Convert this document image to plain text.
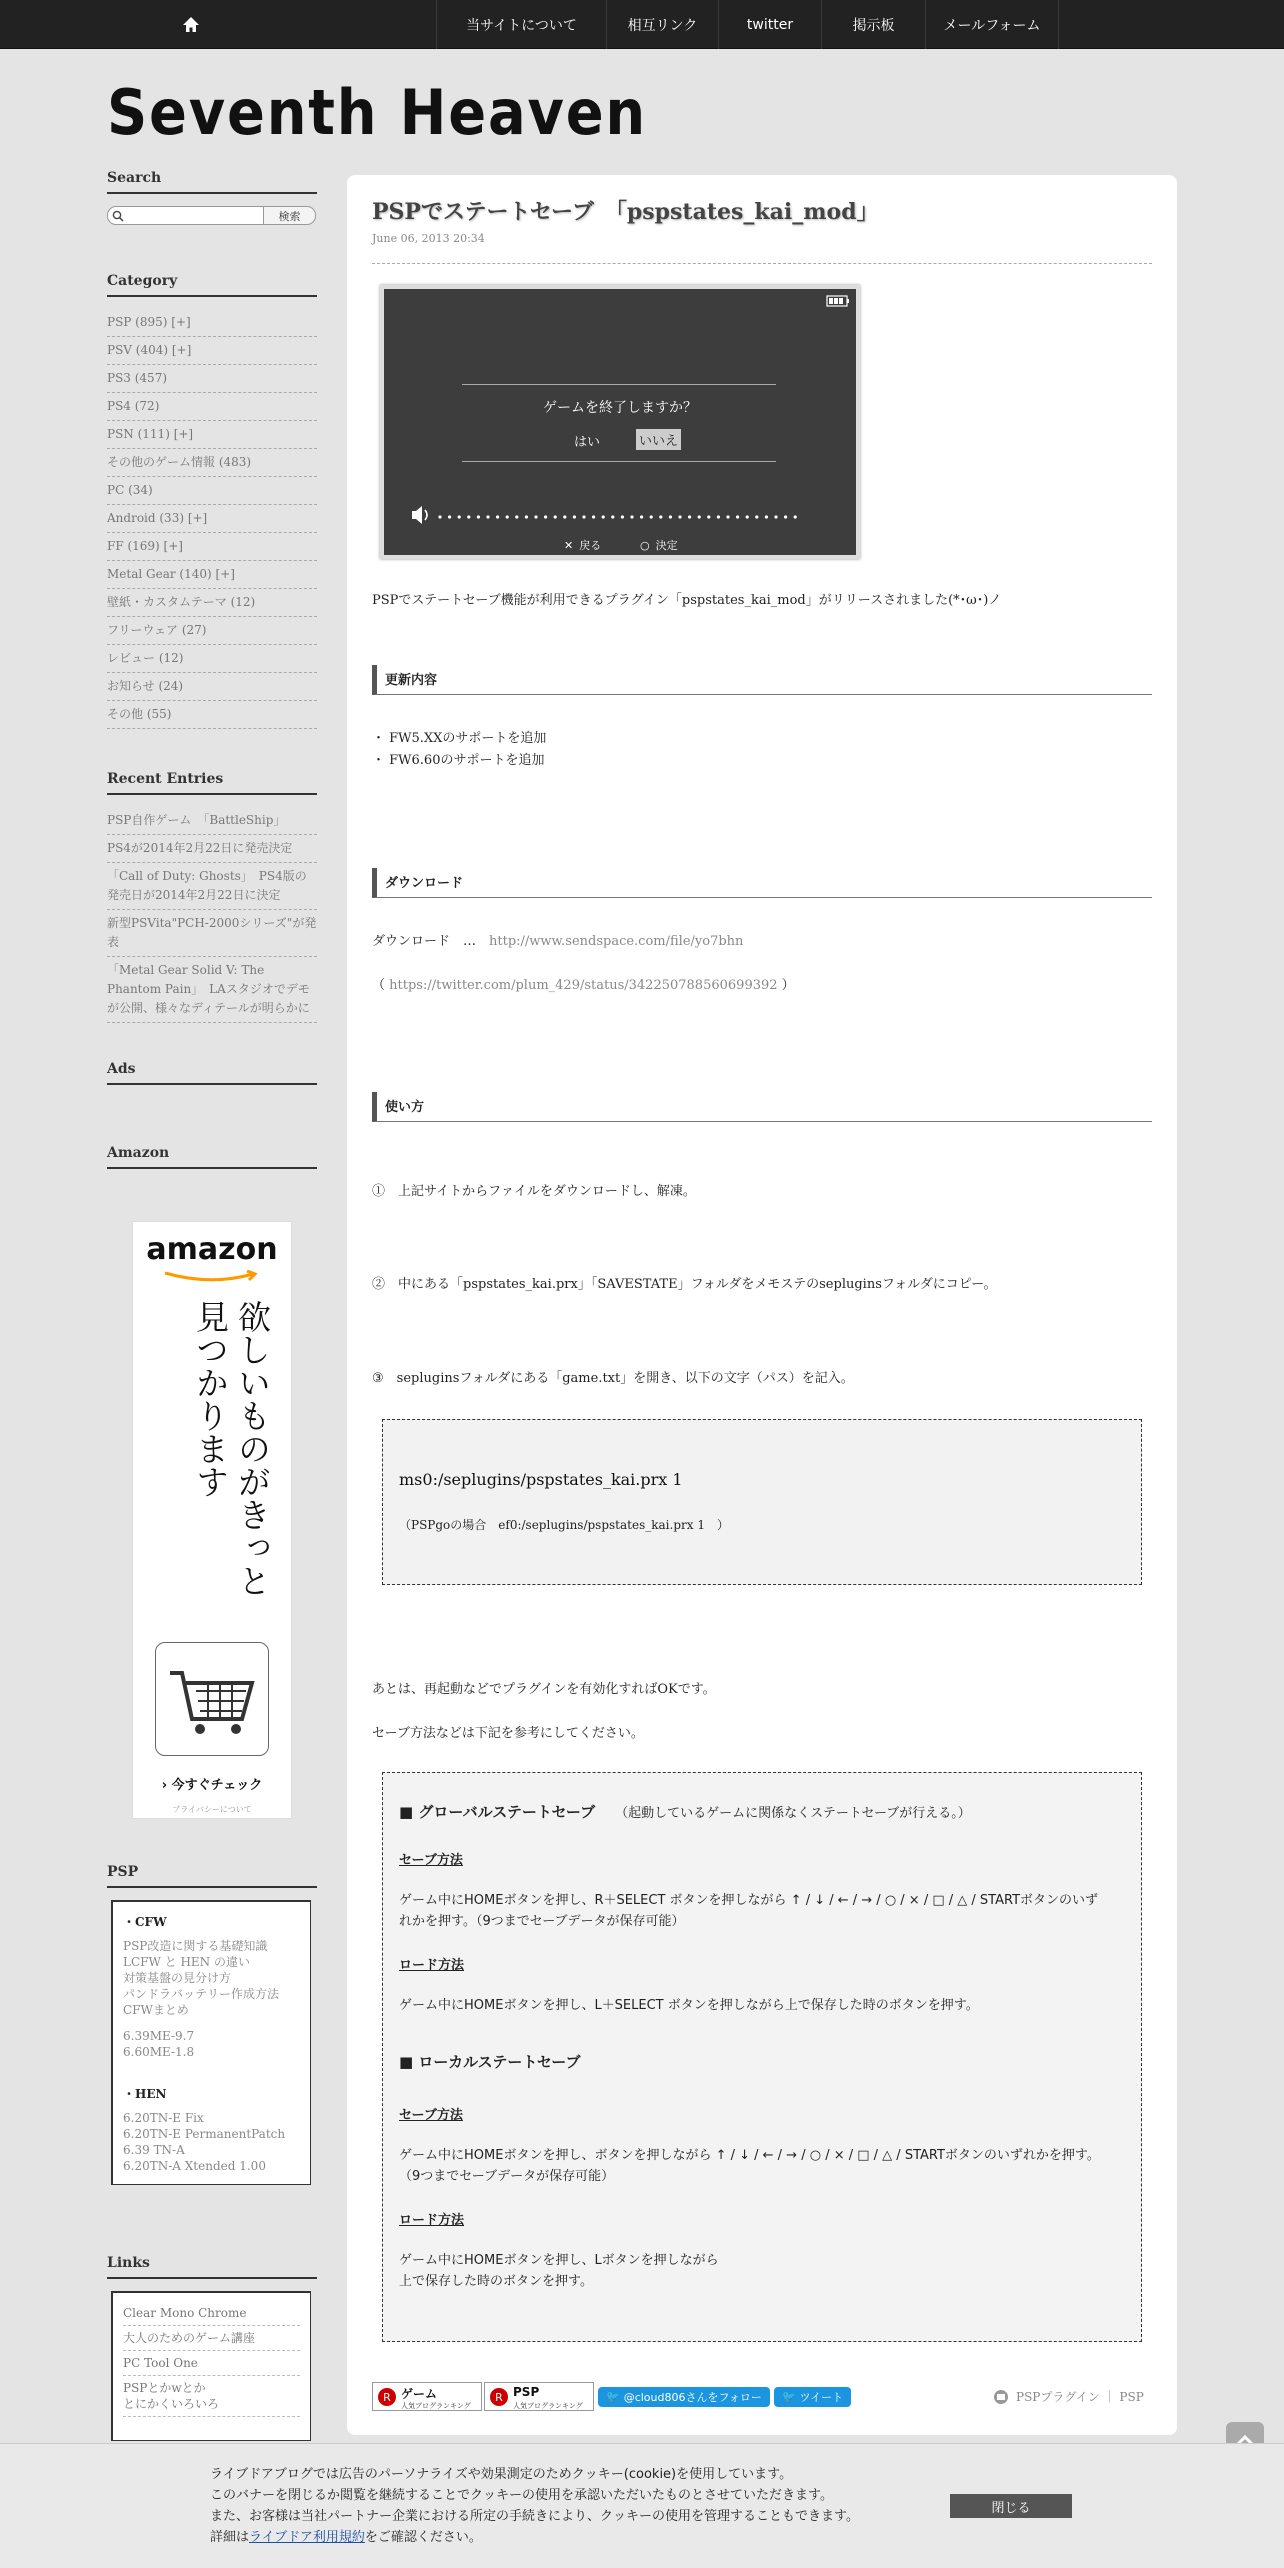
当サイトについて	相互リンク	twitter	掲示板	メールフォーム
Seventh Heaven
Search
検索
Category
PSP (895) [+]
PSV (404) [+]
PS3 (457)
PS4 (72)
PSN (111) [+]
その他のゲーム情報 (483)
PC (34)
Android (33) [+]
FF (169) [+]
Metal Gear (140) [+]
壁紙・カスタムテーマ (12)
フリーウェア (27)
レビュー (12)
お知らせ (24)
その他 (55)
Recent Entries
PSP自作ゲーム　「BattleShip」
PS4が2014年2月22日に発売決定
「Call of Duty: Ghosts」　PS4版の発売日が2014年2月22日に決定
新型PSVita"PCH-2000シリーズ"が発表
「Metal Gear Solid V: The Phantom Pain」　LAスタジオでデモが公開、様々なディテールが明らかに
Ads
Amazon
amazon
欲しいものがきっと見つかります
› 今すぐチェック
プライバシーについて
PSP
・CFW
PSP改造に関する基礎知識
LCFW と HEN の違い
対策基盤の見分け方
パンドラバッテリー作成方法
CFWまとめ
6.39ME-9.7
6.60ME-1.8
・HEN
6.20TN-E Fix
6.20TN-E PermanentPatch
6.39 TN-A
6.20TN-A Xtended 1.00
Links
Clear Mono Chrome
大人のためのゲーム講座
PC Tool One
PSPとかwとか
とにかくいろいろ
PSPでステートセーブ　「pspstates_kai_mod」
June 06, 2013 20:34
ゲームを終了しますか？
はい	いいえ
✕ 戻る	○ 決定
PSPでステートセーブ機能が利用できるプラグイン「pspstates_kai_mod」がリリースされました(*･ω･)ノ
更新内容
・ FW5.XXのサポートを追加
・ FW6.60のサポートを追加
ダウンロード
ダウンロード　…　http://www.sendspace.com/file/yo7bhn
（ https://twitter.com/plum_429/status/342250788560699392 ）
使い方
①　上記サイトからファイルをダウンロードし、解凍。
②　中にある「pspstates_kai.prx」「SAVESTATE」フォルダをメモステのsepluginsフォルダにコピー。
③　sepluginsフォルダにある「game.txt」を開き、以下の文字（パス）を記入。
ms0:/seplugins/pspstates_kai.prx 1
（PSPgoの場合　ef0:/seplugins/pspstates_kai.prx 1　）
あとは、再起動などでプラグインを有効化すればOKです。
セーブ方法などは下記を参考にしてください。
■ グローバルステートセーブ （起動しているゲームに関係なくステートセーブが行える。）
セーブ方法
ゲーム中にHOMEボタンを押し、R＋SELECT ボタンを押しながら ↑ / ↓ / ← / → / ○ / × / □ / △ / STARTボタンのいず
れかを押す。（9つまでセーブデータが保存可能）
ロード方法
ゲーム中にHOMEボタンを押し、L＋SELECT ボタンを押しながら上で保存した時のボタンを押す。
■ ローカルステートセーブ
セーブ方法
ゲーム中にHOMEボタンを押し、ボタンを押しながら ↑ / ↓ / ← / → / ○ / × / □ / △ / STARTボタンのいずれかを押す。
（9つまでセーブデータが保存可能）
ロード方法
ゲーム中にHOMEボタンを押し、Lボタンを押しながら
上で保存した時のボタンを押す。
R ゲーム
人気ブログランキング
R PSP
人気ブログランキング
🐦 @cloud806さんをフォロー 🐦 ツイート	PSPプラグイン ｜ PSP
ライブドアブログでは広告のパーソナライズや効果測定のためクッキー(cookie)を使用しています。
このバナーを閉じるか閲覧を継続することでクッキーの使用を承認いただいたものとさせていただきます。
また、お客様は当社パートナー企業における所定の手続きにより、クッキーの使用を管理することもできます。
詳細はライブドア利用規約をご確認ください。
閉じる
